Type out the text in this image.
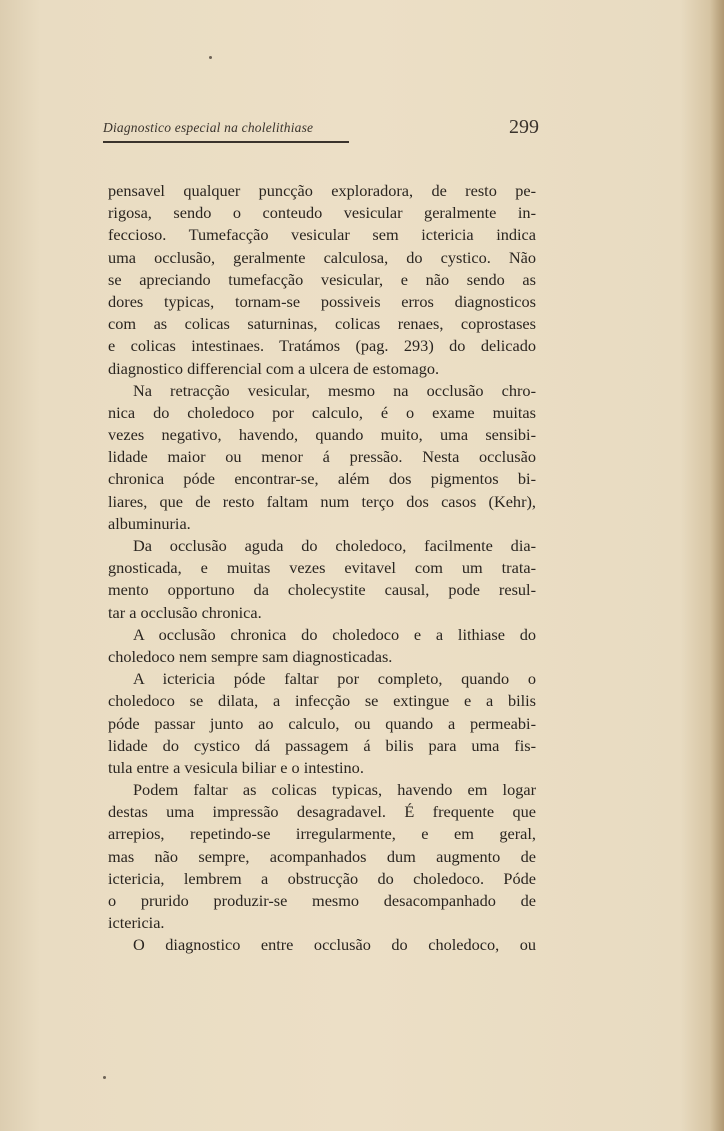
Diagnostico especial na cholelithiase	299
pensavel qualquer puncção exploradora, de resto pe-
rigosa, sendo o conteudo vesicular geralmente in-
feccioso. Tumefacção vesicular sem ictericia indica
uma occlusão, geralmente calculosa, do cystico. Não
se apreciando tumefacção vesicular, e não sendo as
dores typicas, tornam-se possiveis erros diagnosticos
com as colicas saturninas, colicas renaes, coprostases
e colicas intestinaes. Tratámos (pag. 293) do delicado
diagnostico differencial com a ulcera de estomago.
Na retracção vesicular, mesmo na occlusão chro-
nica do choledoco por calculo, é o exame muitas
vezes negativo, havendo, quando muito, uma sensibi-
lidade maior ou menor á pressão. Nesta occlusão
chronica póde encontrar-se, além dos pigmentos bi-
liares, que de resto faltam num terço dos casos (Kehr),
albuminuria.
Da occlusão aguda do choledoco, facilmente dia-
gnosticada, e muitas vezes evitavel com um trata-
mento opportuno da cholecystite causal, pode resul-
tar a occlusão chronica.
A occlusão chronica do choledoco e a lithiase do
choledoco nem sempre sam diagnosticadas.
A ictericia póde faltar por completo, quando o
choledoco se dilata, a infecção se extingue e a bilis
póde passar junto ao calculo, ou quando a permeabi-
lidade do cystico dá passagem á bilis para uma fis-
tula entre a vesicula biliar e o intestino.
Podem faltar as colicas typicas, havendo em logar
destas uma impressão desagradavel. É frequente que
arrepios, repetindo-se irregularmente, e em geral,
mas não sempre, acompanhados dum augmento de
ictericia, lembrem a obstrucção do choledoco. Póde
o prurido produzir-se mesmo desacompanhado de
ictericia.
O diagnostico entre occlusão do choledoco, ou
